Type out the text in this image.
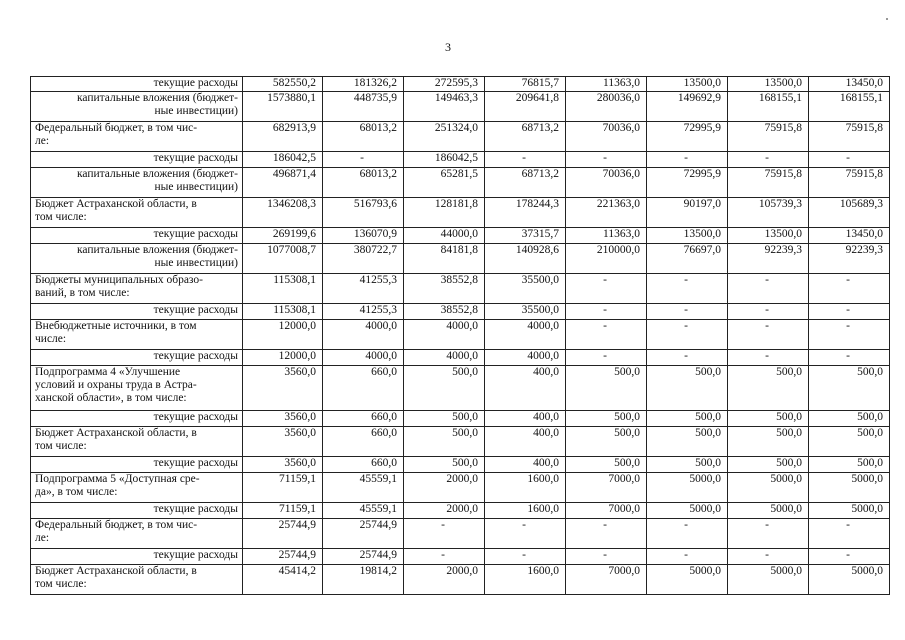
3
текущие расходы	582550,2	181326,2	272595,3	76815,7	11363,0	13500,0	13500,0	13450,0
капитальные вложения (бюджет-
ные инвестиции)	1573880,1	448735,9	149463,3	209641,8	280036,0	149692,9	168155,1	168155,1
Федеральный бюджет, в том чис-
ле:	682913,9	68013,2	251324,0	68713,2	70036,0	72995,9	75915,8	75915,8
текущие расходы	186042,5	-	186042,5	-	-	-	-	-
капитальные вложения (бюджет-
ные инвестиции)	496871,4	68013,2	65281,5	68713,2	70036,0	72995,9	75915,8	75915,8
Бюджет Астраханской области, в
том числе:	1346208,3	516793,6	128181,8	178244,3	221363,0	90197,0	105739,3	105689,3
текущие расходы	269199,6	136070,9	44000,0	37315,7	11363,0	13500,0	13500,0	13450,0
капитальные вложения (бюджет-
ные инвестиции)	1077008,7	380722,7	84181,8	140928,6	210000,0	76697,0	92239,3	92239,3
Бюджеты муниципальных образо-
ваний, в том числе:	115308,1	41255,3	38552,8	35500,0	-	-	-	-
текущие расходы	115308,1	41255,3	38552,8	35500,0	-	-	-	-
Внебюджетные источники, в том
числе:	12000,0	4000,0	4000,0	4000,0	-	-	-	-
текущие расходы	12000,0	4000,0	4000,0	4000,0	-	-	-	-
Подпрограмма 4 «Улучшение
условий и охраны труда в Астра-
ханской области», в том числе:	3560,0	660,0	500,0	400,0	500,0	500,0	500,0	500,0
текущие расходы	3560,0	660,0	500,0	400,0	500,0	500,0	500,0	500,0
Бюджет Астраханской области, в
том числе:	3560,0	660,0	500,0	400,0	500,0	500,0	500,0	500,0
текущие расходы	3560,0	660,0	500,0	400,0	500,0	500,0	500,0	500,0
Подпрограмма 5 «Доступная сре-
да», в том числе:	71159,1	45559,1	2000,0	1600,0	7000,0	5000,0	5000,0	5000,0
текущие расходы	71159,1	45559,1	2000,0	1600,0	7000,0	5000,0	5000,0	5000,0
Федеральный бюджет, в том чис-
ле:	25744,9	25744,9	-	-	-	-	-	-
текущие расходы	25744,9	25744,9	-	-	-	-	-	-
Бюджет Астраханской области, в
том числе:	45414,2	19814,2	2000,0	1600,0	7000,0	5000,0	5000,0	5000,0
